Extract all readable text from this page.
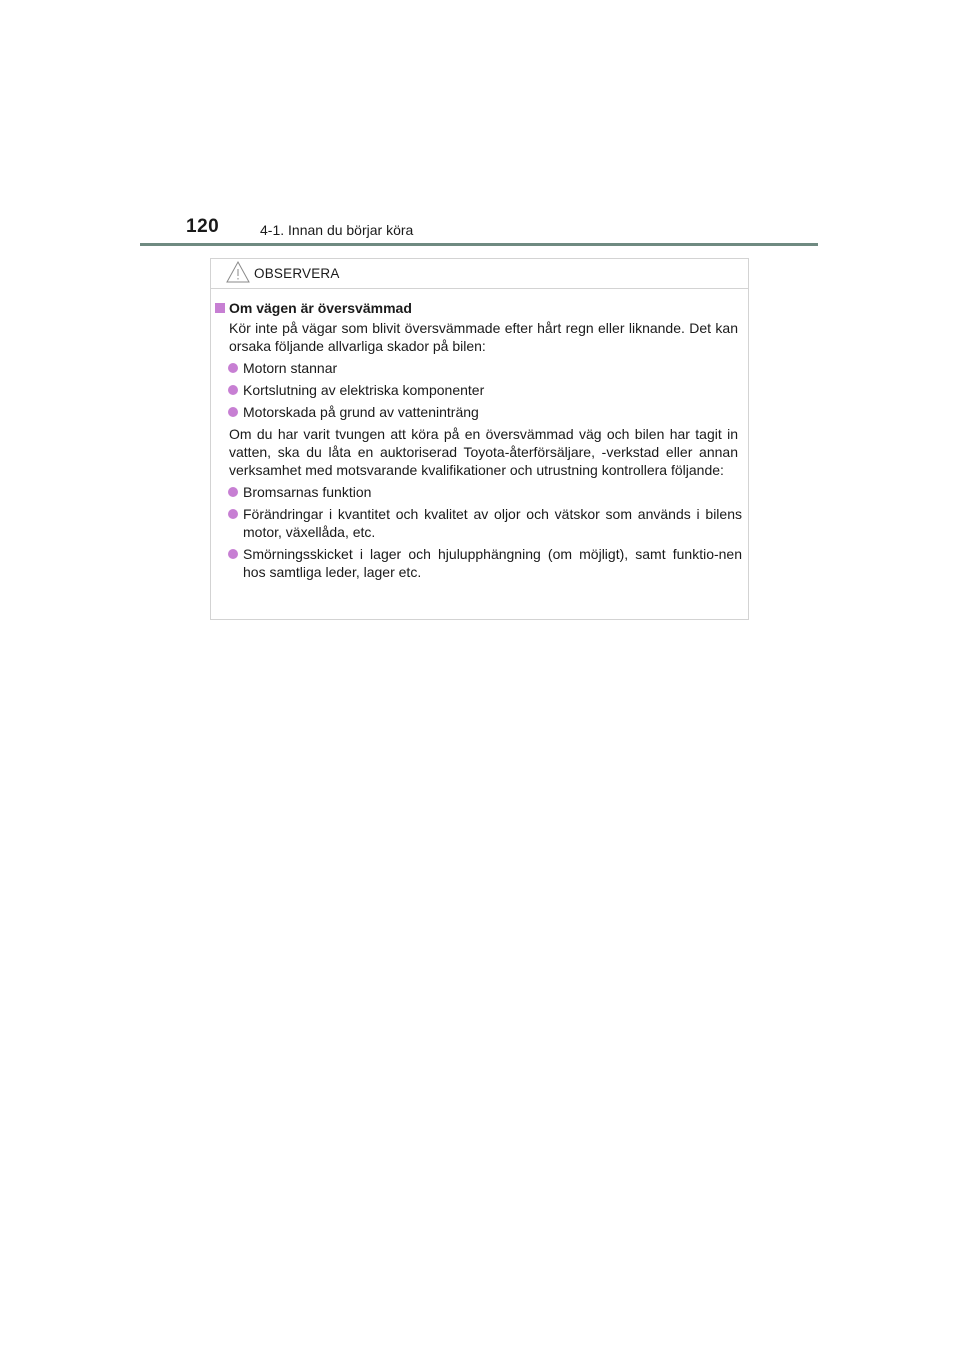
120	4-1. Innan du börjar köra
OBSERVERA
Om vägen är översvämmad
Kör inte på vägar som blivit översvämmade efter hårt regn eller liknande. Det kan orsaka följande allvarliga skador på bilen:
Motorn stannar
Kortslutning av elektriska komponenter
Motorskada på grund av vatteninträng
Om du har varit tvungen att köra på en översvämmad väg och bilen har tagit in vatten, ska du låta en auktoriserad Toyota-återförsäljare, -verkstad eller annan verksamhet med motsvarande kvalifikationer och utrustning kontrollera följande:
Bromsarnas funktion
Förändringar i kvantitet och kvalitet av oljor och vätskor som används i bilens motor, växellåda, etc.
Smörningsskicket i lager och hjulupphängning (om möjligt), samt funktio-nen hos samtliga leder, lager etc.
